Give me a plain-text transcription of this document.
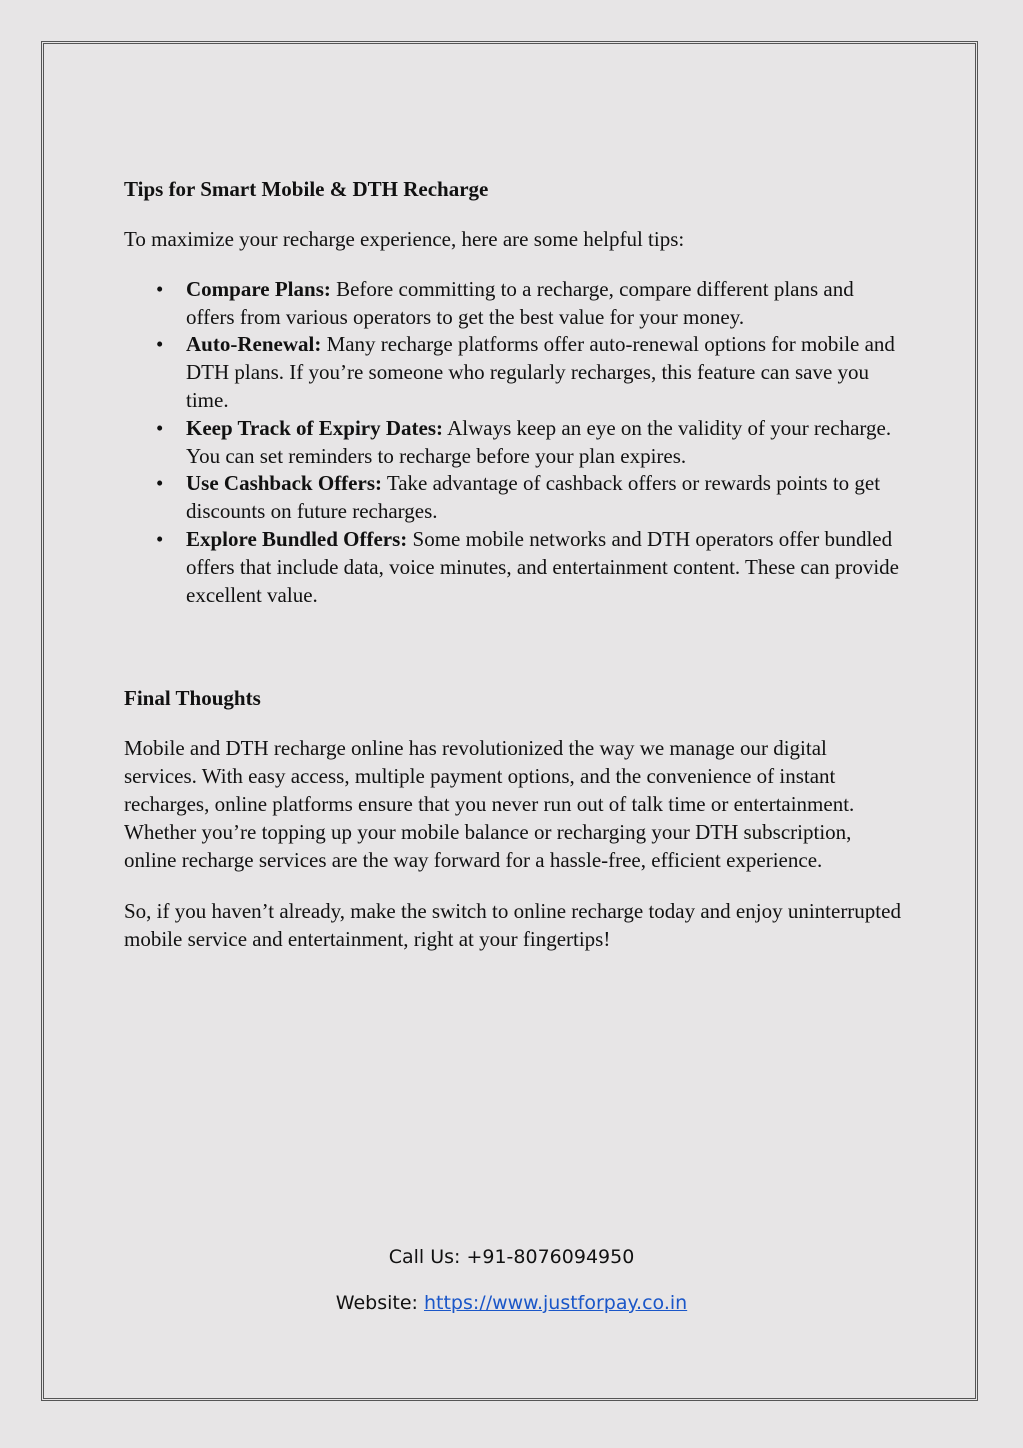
Tips for Smart Mobile & DTH Recharge

To maximize your recharge experience, here are some helpful tips:

• Compare Plans: Before committing to a recharge, compare different plans and offers from various operators to get the best value for your money.
• Auto-Renewal: Many recharge platforms offer auto-renewal options for mobile and DTH plans. If you’re someone who regularly recharges, this feature can save you time.
• Keep Track of Expiry Dates: Always keep an eye on the validity of your recharge. You can set reminders to recharge before your plan expires.
• Use Cashback Offers: Take advantage of cashback offers or rewards points to get discounts on future recharges.
• Explore Bundled Offers: Some mobile networks and DTH operators offer bundled offers that include data, voice minutes, and entertainment content. These can provide excellent value.
Final Thoughts

Mobile and DTH recharge online has revolutionized the way we manage our digital services. With easy access, multiple payment options, and the convenience of instant recharges, online platforms ensure that you never run out of talk time or entertainment. Whether you’re topping up your mobile balance or recharging your DTH subscription, online recharge services are the way forward for a hassle-free, efficient experience.

So, if you haven’t already, make the switch to online recharge today and enjoy uninterrupted mobile service and entertainment, right at your fingertips!

Call Us: +91-8076094950
Website: https://www.justforpay.co.in
